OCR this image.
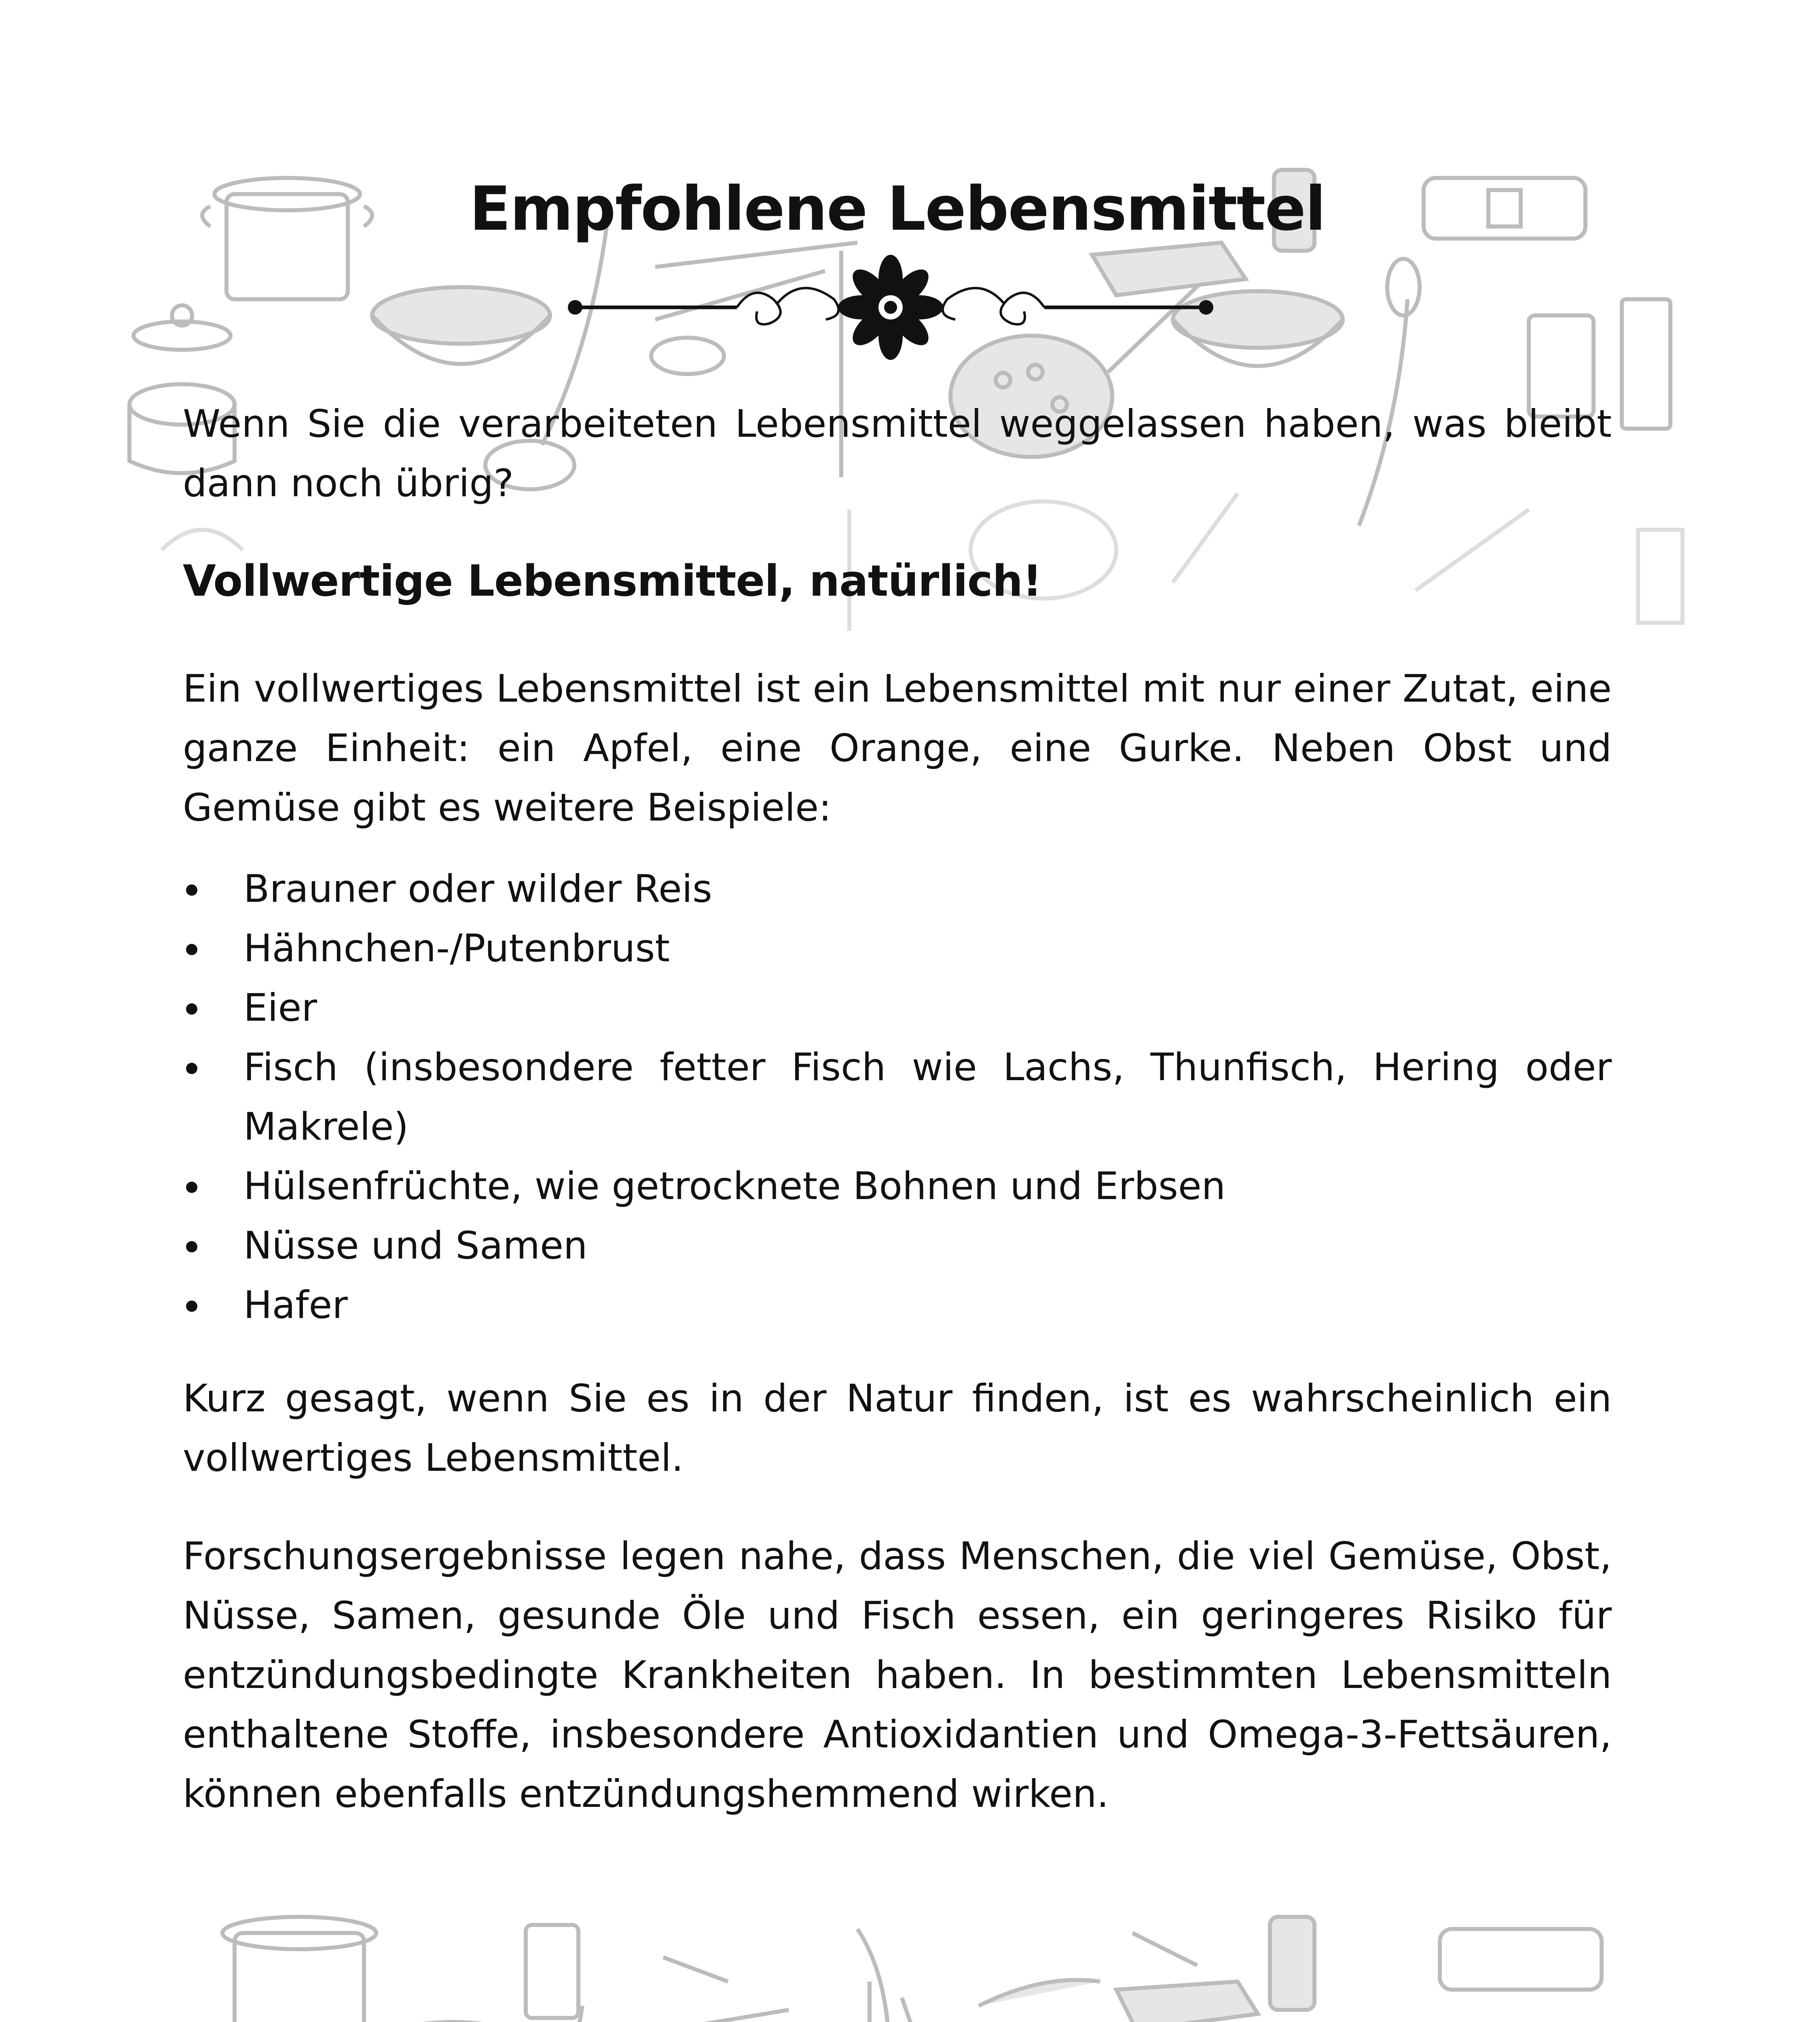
Empfohlene Lebensmittel

Wenn Sie die verarbeiteten Lebensmittel weggelassen haben, was bleibt dann noch übrig?

Vollwertige Lebensmittel, natürlich!

Ein vollwertiges Lebensmittel ist ein Lebensmittel mit nur einer Zutat, eine ganze Einheit: ein Apfel, eine Orange, eine Gurke. Neben Obst und Gemüse gibt es weitere Beispiele:

Brauner oder wilder Reis
Hähnchen-/Putenbrust
Eier
Fisch (insbesondere fetter Fisch wie Lachs, Thunfisch, Hering oder Makrele)
Hülsenfrüchte, wie getrocknete Bohnen und Erbsen
Nüsse und Samen
Hafer

Kurz gesagt, wenn Sie es in der Natur finden, ist es wahrscheinlich ein vollwertiges Lebensmittel.

Forschungsergebnisse legen nahe, dass Menschen, die viel Gemüse, Obst, Nüsse, Samen, gesunde Öle und Fisch essen, ein geringeres Risiko für entzündungsbedingte Krankheiten haben. In bestimmten Lebensmitteln enthaltene Stoffe, insbesondere Antioxidantien und Omega-3-Fettsäuren, können ebenfalls entzündungshemmend wirken.
